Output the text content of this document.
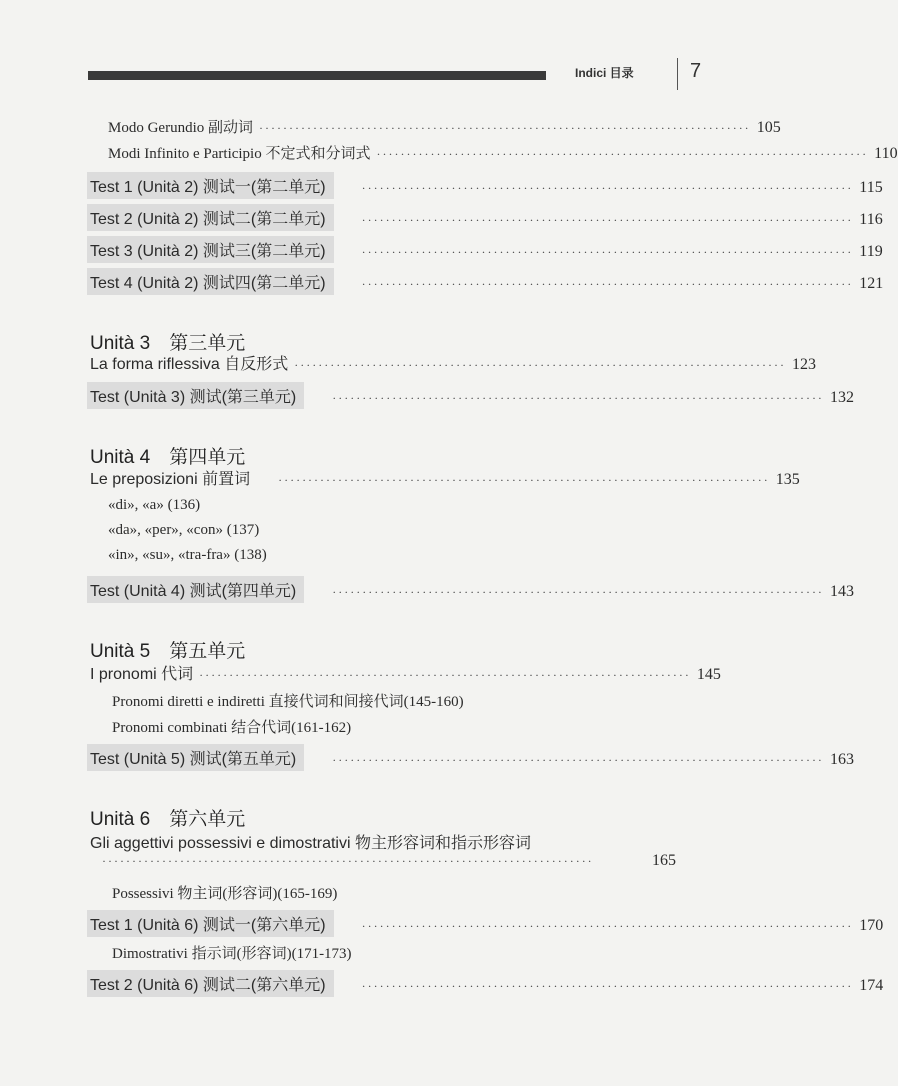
Indici 目录	7
Modo Gerundio 副动词 ·················································································· 105
Modi Infinito e Participio 不定式和分词式 ·················································································· 110
Test 1 (Unità 2) 测试一(第二单元)	·················································································· 115
Test 2 (Unità 2) 测试二(第二单元)	·················································································· 116
Test 3 (Unità 2) 测试三(第二单元)	·················································································· 119
Test 4 (Unità 2) 测试四(第二单元)	·················································································· 121
Unità 3　第三单元
La forma riflessiva 自反形式 ·················································································· 123
Test (Unità 3) 测试(第三单元)	·················································································· 132
Unità 4　第四单元
Le preposizioni 前置词 ·················································································· 135
«di», «a» (136)
«da», «per», «con» (137)
«in», «su», «tra-fra» (138)
Test (Unità 4) 测试(第四单元)	·················································································· 143
Unità 5　第五单元
I pronomi 代词 ·················································································· 145
Pronomi diretti e indiretti 直接代词和间接代词(145-160)
Pronomi combinati 结合代词(161-162)
Test (Unità 5) 测试(第五单元)	·················································································· 163
Unità 6　第六单元
Gli aggettivi possessivi e dimostrativi 物主形容词和指示形容词
··················································································	165
Possessivi 物主词(形容词)(165-169)
Test 1 (Unità 6) 测试一(第六单元)	·················································································· 170
Dimostrativi 指示词(形容词)(171-173)
Test 2 (Unità 6) 测试二(第六单元)	·················································································· 174
